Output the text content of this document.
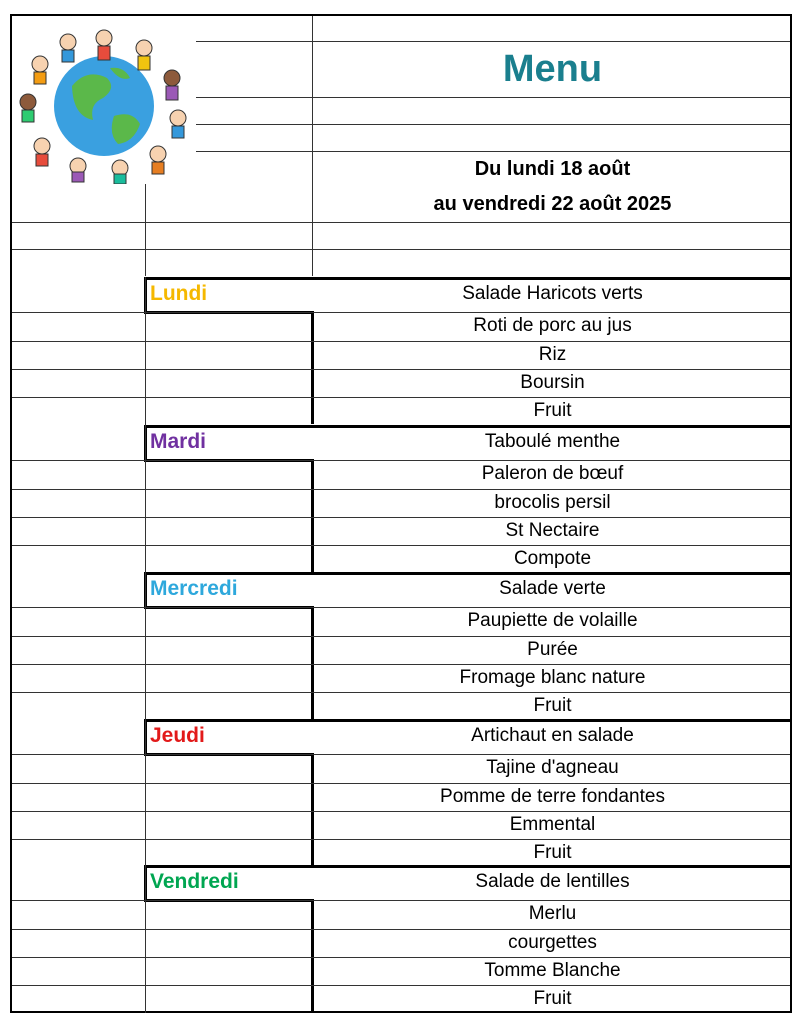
Menu
Du lundi 18 août
au vendredi 22 août 2025
Salade Haricots verts
Roti de porc au jus
Riz
Boursin
Fruit
Lundi
Taboulé menthe
Paleron de bœuf
brocolis persil
St Nectaire
Compote
Mardi
Salade verte
Paupiette de volaille
Purée
Fromage blanc nature
Fruit
Mercredi
Artichaut en salade
Tajine d'agneau
Pomme de terre fondantes
Emmental
Fruit
Jeudi
Salade de lentilles
Merlu
courgettes
Tomme Blanche
Fruit
Vendredi
